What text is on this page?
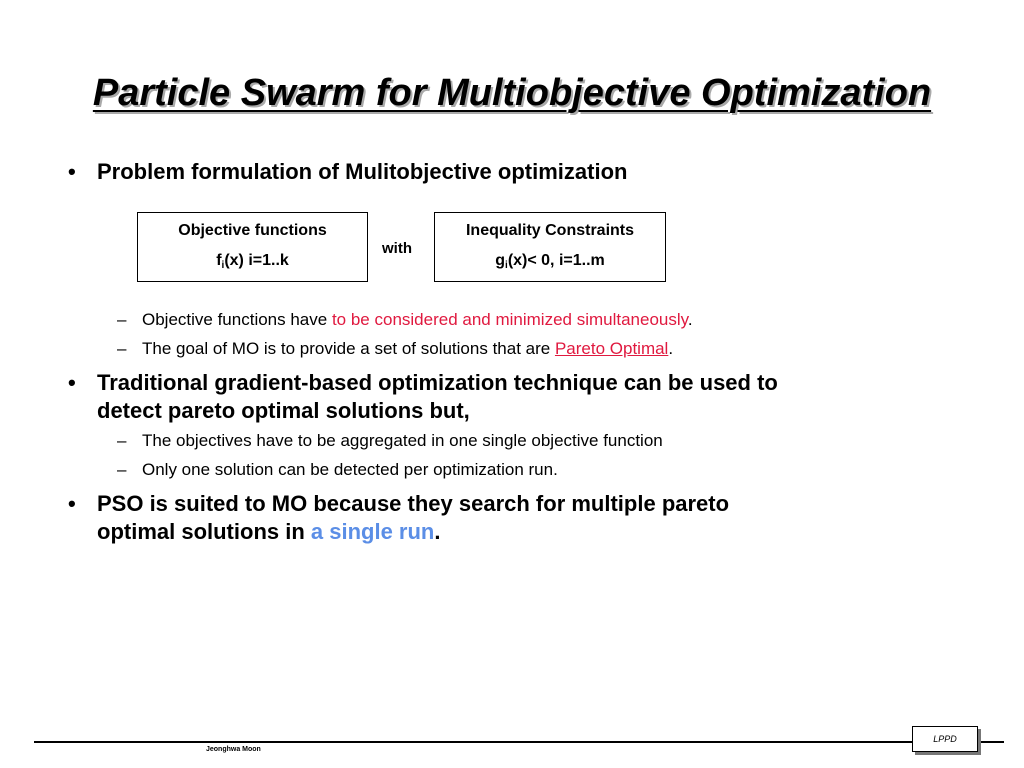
Particle Swarm for Multiobjective Optimization
• Problem formulation of Mulitobjective optimization
Objective functions
$f_i(x)$ i=1..k
with
Inequality Constraints
$g_i(x)< 0$, i=1..m
– Objective functions have to be considered and minimized simultaneously.
– The goal of MO is to provide a set of solutions that are Pareto Optimal.
• Traditional gradient-based optimization technique can be used to
detect pareto optimal solutions but,
– The objectives have to be aggregated in one single objective function
– Only one solution can be detected per optimization run.
• PSO is suited to MO because they search for multiple pareto
optimal solutions in a single run.
Jeonghwa Moon
LPPD
